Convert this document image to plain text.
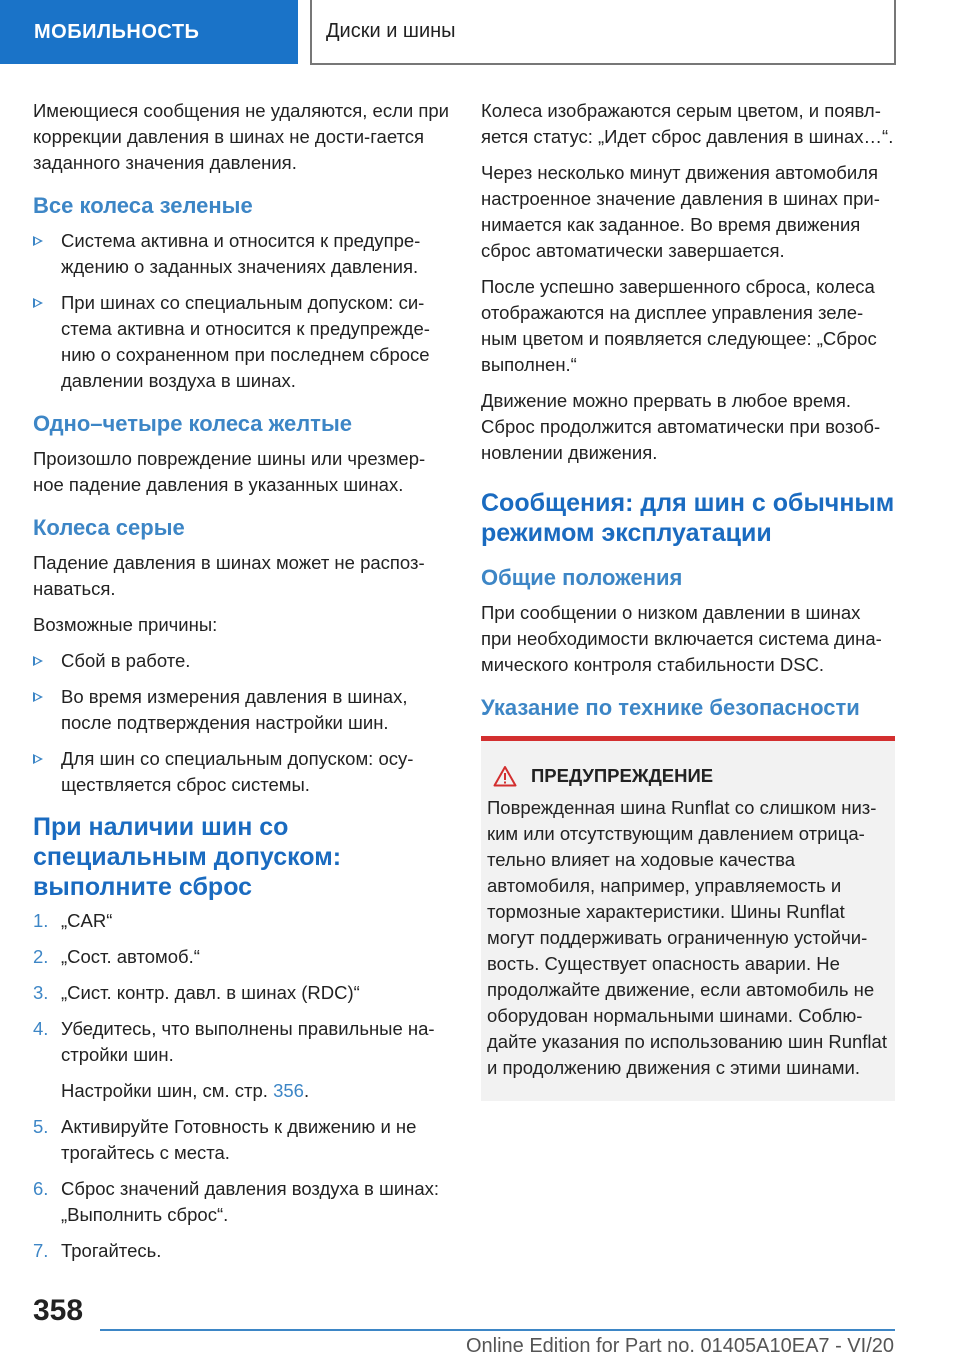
МОБИЛЬНОСТЬ	Диски и шины

Имеющиеся сообщения не удаляются, если при коррекции давления в шинах не дости-гается заданного значения давления.

Все колеса зеленые
Система активна и относится к предупре-ждению о заданных значениях давления.
При шинах со специальным допуском: си-стема активна и относится к предупрежде-нию о сохраненном при последнем сбросе давлении воздуха в шинах.
Одно–четыре колеса желтые

Произошло повреждение шины или чрезмер-ное падение давления в указанных шинах.

Колеса серые

Падение давления в шинах может не распоз-наваться.

Возможные причины:

Сбой в работе.
Во время измерения давления в шинах, после подтверждения настройки шин.
Для шин со специальным допуском: осу-ществляется сброс системы.
При наличии шин со специальным допуском: выполните сброс
1. „CAR“
2. „Сост. автомоб.“
3. „Сист. контр. давл. в шинах (RDC)“
4. Убедитесь, что выполнены правильные на-стройки шин.
Настройки шин, см. стр. 356.
5. Активируйте Готовность к движению и не трогайтесь с места.
6. Сброс значений давления воздуха в шинах: „Выполнить сброс“.
7. Трогайтесь.

Колеса изображаются серым цветом, и появл-яется статус: „Идет сброс давления в шинах…“.

Через несколько минут движения автомобиля настроенное значение давления в шинах при-нимается как заданное. Во время движения сброс автоматически завершается.

После успешно завершенного сброса, колеса отображаются на дисплее управления зеле-ным цветом и появляется следующее: „Сброс выполнен.“

Движение можно прервать в любое время. Сброс продолжится автоматически при возоб-новлении движения.

Сообщения: для шин с обычным режимом эксплуатации
Общие положения

При сообщении о низком давлении в шинах при необходимости включается система дина-мического контроля стабильности DSC.

Указание по технике безопасности
ПРЕДУПРЕЖДЕНИЕ

Поврежденная шина Runflat со слишком низ-ким или отсутствующим давлением отрица-тельно влияет на ходовые качества автомобиля, например, управляемость и тормозные характеристики. Шины Runflat могут поддерживать ограниченную устойчи-вость. Существует опасность аварии. Не продолжайте движение, если автомобиль не оборудован нормальными шинами. Соблю-дайте указания по использованию шин Runflat и продолжению движения с этими шинами.

358
Online Edition for Part no. 01405A10EA7 - VI/20
